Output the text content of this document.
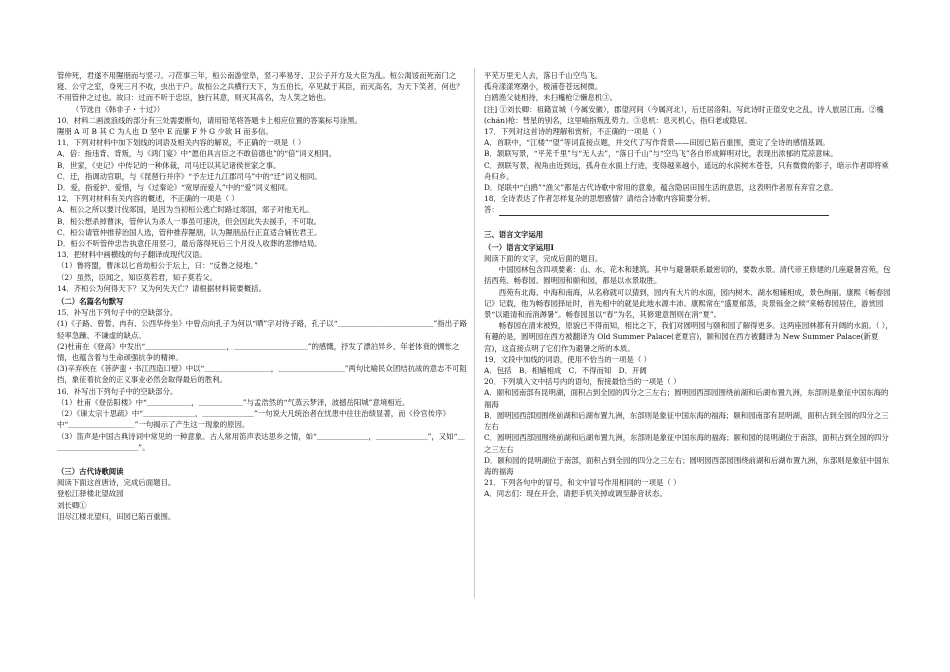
管仲死，君遂不用隰朋而与竖刁。刁莅事三年，桓公南游堂阜，竖刁率易牙、卫公子开方及大臣为乱。桓公渴馁而死南门之寝、公守之室，身死三月不收，虫出于户。故桓公之兵横行天下，为五伯长，卒见弑于其臣，而灭高名，为天下笑者，何也？不用管仲之过也。故曰：过而不听于忠臣，独行其意，则灭其高名，为人笑之始也。

（节选自《韩非子・十过》）

10．材料二画波浪线的部分有三处需要断句，请用铅笔将答题卡上相应位置的答案标号涂黑。

隰朋 A 可 B 其 C 为人也 D 坚中 E 而廉 F 外 G 少欲 H 而多信。

11．下列对材料中加下划线的词语及相关内容的解说，不正确的一项是（ ）

A．倍：指违背、背叛，与《鸿门宴》中“愿伯具言臣之不敢倍德也”的“倍”词义相同。

B．世家，《史记》中传记的一种体裁，司马迁以其记诸侯世家之事。

C．迁，指调动官职，与《琵琶行并序》“予左迁九江郡司马”中的“迁”词义相同。

D．爱，指爱护、爱惜，与《过秦论》“宽厚而爱人”中的“爱”词义相同。

12．下列对材料有关内容的概述，不正确的一项是（ ）

A．桓公之所以要讨伐郯国，是因为当初桓公逃亡时路过郯国，郯子对他无礼。

B．桓公想杀掉曹沫，管仲认为杀人一事虽可速决，但会因此失去援手，不可取。

C．桓公请管仲推荐治国人选，管仲推荐隰朋，认为隰朋品行正直适合辅佐君王。

D．桓公不听管仲忠告执意任用竖刁，最后落得死后三个月没人收葬的悲惨结局。

13．把材料中画横线的句子翻译成现代汉语。

（1）鲁将盟，曹沫以匕首劫桓公于坛上，曰：“反鲁之侵地。”

（2）虽然，臣闻之，知臣莫若君，知子莫若父。

14．齐桓公为何得天下？又为何失天亡？请根据材料简要概括。

（二）名篇名句默写

15．补写出下列句子中的空缺部分。

(1)《子路、曾皙、冉有、公西华侍坐》中曾点向孔子为何以“晒”字对待子路，孔子以“＿＿＿＿＿＿＿＿＿＿＿＿＿”指出子路轻率急躁、不谦虚的缺点。

(2)杜甫在《登高》中发出“＿＿＿＿＿＿＿＿＿＿＿，＿＿＿＿＿＿＿＿＿＿”的感慨，抒发了漂泊异乡、年老体衰的惆怅之情，也蕴含着与生命顽强抗争的精神。

(3)辛弃疾在《菩萨蛮・书江西造口壁》中以“＿＿＿＿＿＿＿＿＿，＿＿＿＿＿＿＿＿＿”两句比喻民众团结抗战的意志不可阻挡，象征着抗金的正义事业必然会取得最后的胜利。

16．补写出下列句子中的空缺部分。

（1）杜甫《登岳阳楼》中“＿＿＿＿＿＿，＿＿＿＿＿＿”与孟浩然的“气蒸云梦泽，波撼岳阳城”意境相近。

（2）《谏太宗十思疏》中“＿＿＿＿＿＿＿，＿＿＿＿＿＿＿”一句说大凡统治者在忧患中往往治绩显著，而《伶官传序》中“＿＿＿＿＿＿＿＿＿”一句揭示了产生这一现象的原因。

（3）笛声是中国古典诗词中常见的一种意象。古人常用笛声表达思乡之情，如“＿＿＿＿＿＿＿，＿＿＿＿＿＿＿”，又如“＿＿＿＿＿＿＿＿＿＿＿＿”。

（三）古代诗歌阅读

阅读下面这首唐诗，完成后面题目。

登松江驿楼北望故园

刘长卿①

泪尽江楼北望归，田园已陷百重围。

平芜万里无人去，落日千山空鸟飞。

孤舟漾漾寒潮小，极浦苍苍远树微。

白鸥渔父徒相待，未扫欃枪②懒息机③。

[注] ①刘长卿：祖籍宣城（今属安徽），郡望河间（今属河北），后迁居洛阳。写此诗时正值安史之乱，诗人旅居江南。②欃(chán)枪：彗星的别名，这里喻指叛乱势力。③息机：息灭机心，指归老或隐居。

17．下列对这首诗的理解和赏析，不正确的一项是（ ）

A．首联中，“江楼”“望”等词直接点题，并交代了写作背景——田园已陷百重围，奠定了全诗的感情基调。

B．颔联写景，“平芜千里”与“无人去”，“落日千山”与“空鸟飞”各自形成鲜明对比，表现出浓郁的荒凉意味。

C．颈联写景，视角由近到远，孤舟在水面上行进，变得越来越小，遥远的水滨树木苍苍，只有微微的影子，暗示作者即将乘舟归乡。

D．尾联中“白鸥”“渔父”都是古代诗歌中常用的意象，蕴含隐居田园生活的意思，这表明作者原有弃官之意。

18．全诗表达了作者怎样复杂的思想感情？请结合诗歌内容简要分析。

答：

三、语言文字运用

（一）语言文字运用Ⅰ

阅读下面的文字，完成后面的题目。

中国园林包含四项要素：山、水、花木和建筑。其中与避暑联系最密切的，要数水景。清代帝王修建的几座避暑宫苑，包括西苑、畅春园、圆明园和颐和园，都是以水景取胜。

西苑有北海、中海和南海，从名称就可以猜到，园内有大片的水面，园内树木、湖水相辅相成，景色绚丽。康熙《畅春园记》记载，他为畅春园择址时，首先相中的就是此地水源丰沛。康熙常在“盛夏郁蒸，炎景铄金之候”来畅春园居住，游赏园景“以避清和而消溽暑”。畅春园虽以“春”为名，其修建意图则在消“夏”。

畅春园在清末被毁，原貌已不得而知，相比之下，我们对圆明园与颐和园了解得更多。这两座园林都有开阔的水面。（ ），有趣的是，圆明园在西方被翻译为 Old Summer Palace(老夏宫)，颐和园在西方被翻译为 New Summer Palace(新夏宫)，这直接点明了它们作为避暑之所的本质。

19．文段中加线的词语，使用不恰当的一项是（ ）

A．包括　B．相辅相成　C．不得而知　D．开阔

20．下列填入文中括号内的语句，衔接最恰当的一项是（ ）

A．颐和园南部有昆明湖，面积占到全园的四分之三左右；圆明园西部园围绕前湖和后湖布置九洲，东部则是象征中国东海的福海

B．圆明园西部园围绕前湖和后湖布置九洲，东部则是象征中国东海的福海；颐和园南部有昆明湖，面积占到全园的四分之三左右

C．圆明园西部园围绕前湖和后湖布置九洲，东部则是象征中国东海的福海；颐和园的昆明湖位于南部，面积占到全园的四分之三左右

D．颐和园的昆明湖位于南部，面积占到全园的四分之三左右；圆明园西部园围绕前湖和后湖布置九洲，东部则是象征中国东海的福海

21．下列各句中的冒号，和文中冒号作用相同的一项是（ ）

A．同志们：现在开会，请把手机关掉或调至静音状态。
